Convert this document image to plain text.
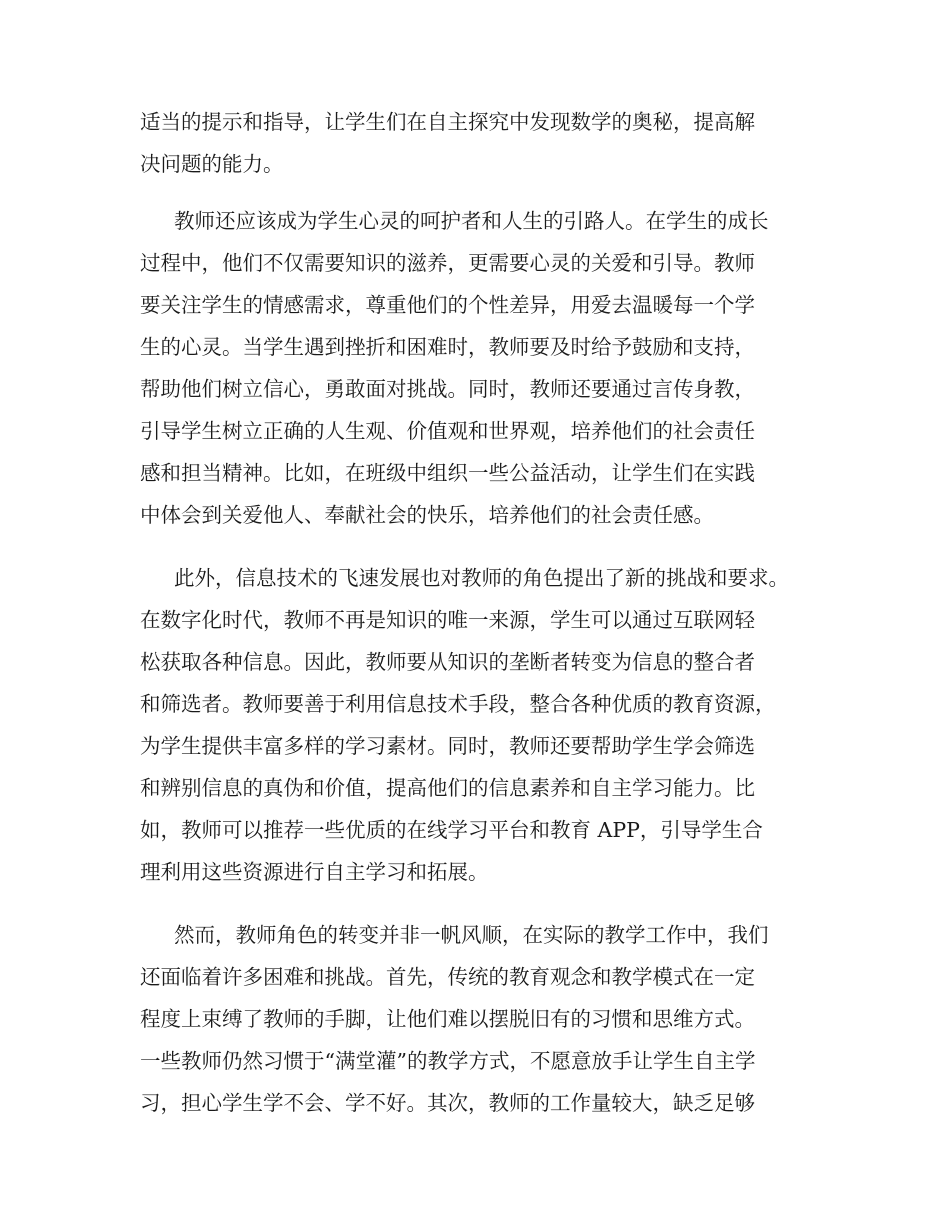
适当的提示和指导，让学生们在自主探究中发现数学的奥秘，提高解
决问题的能力。
教师还应该成为学生心灵的呵护者和人生的引路人。在学生的成长
过程中，他们不仅需要知识的滋养，更需要心灵的关爱和引导。教师
要关注学生的情感需求，尊重他们的个性差异，用爱去温暖每一个学
生的心灵。当学生遇到挫折和困难时，教师要及时给予鼓励和支持，
帮助他们树立信心，勇敢面对挑战。同时，教师还要通过言传身教，
引导学生树立正确的人生观、价值观和世界观，培养他们的社会责任
感和担当精神。比如，在班级中组织一些公益活动，让学生们在实践
中体会到关爱他人、奉献社会的快乐，培养他们的社会责任感。
此外，信息技术的飞速发展也对教师的角色提出了新的挑战和要求。
在数字化时代，教师不再是知识的唯一来源，学生可以通过互联网轻
松获取各种信息。因此，教师要从知识的垄断者转变为信息的整合者
和筛选者。教师要善于利用信息技术手段，整合各种优质的教育资源，
为学生提供丰富多样的学习素材。同时，教师还要帮助学生学会筛选
和辨别信息的真伪和价值，提高他们的信息素养和自主学习能力。比
如，教师可以推荐一些优质的在线学习平台和教育 APP，引导学生合
理利用这些资源进行自主学习和拓展。
然而，教师角色的转变并非一帆风顺，在实际的教学工作中，我们
还面临着许多困难和挑战。首先，传统的教育观念和教学模式在一定
程度上束缚了教师的手脚，让他们难以摆脱旧有的习惯和思维方式。
一些教师仍然习惯于“满堂灌”的教学方式，不愿意放手让学生自主学
习，担心学生学不会、学不好。其次，教师的工作量较大，缺乏足够
